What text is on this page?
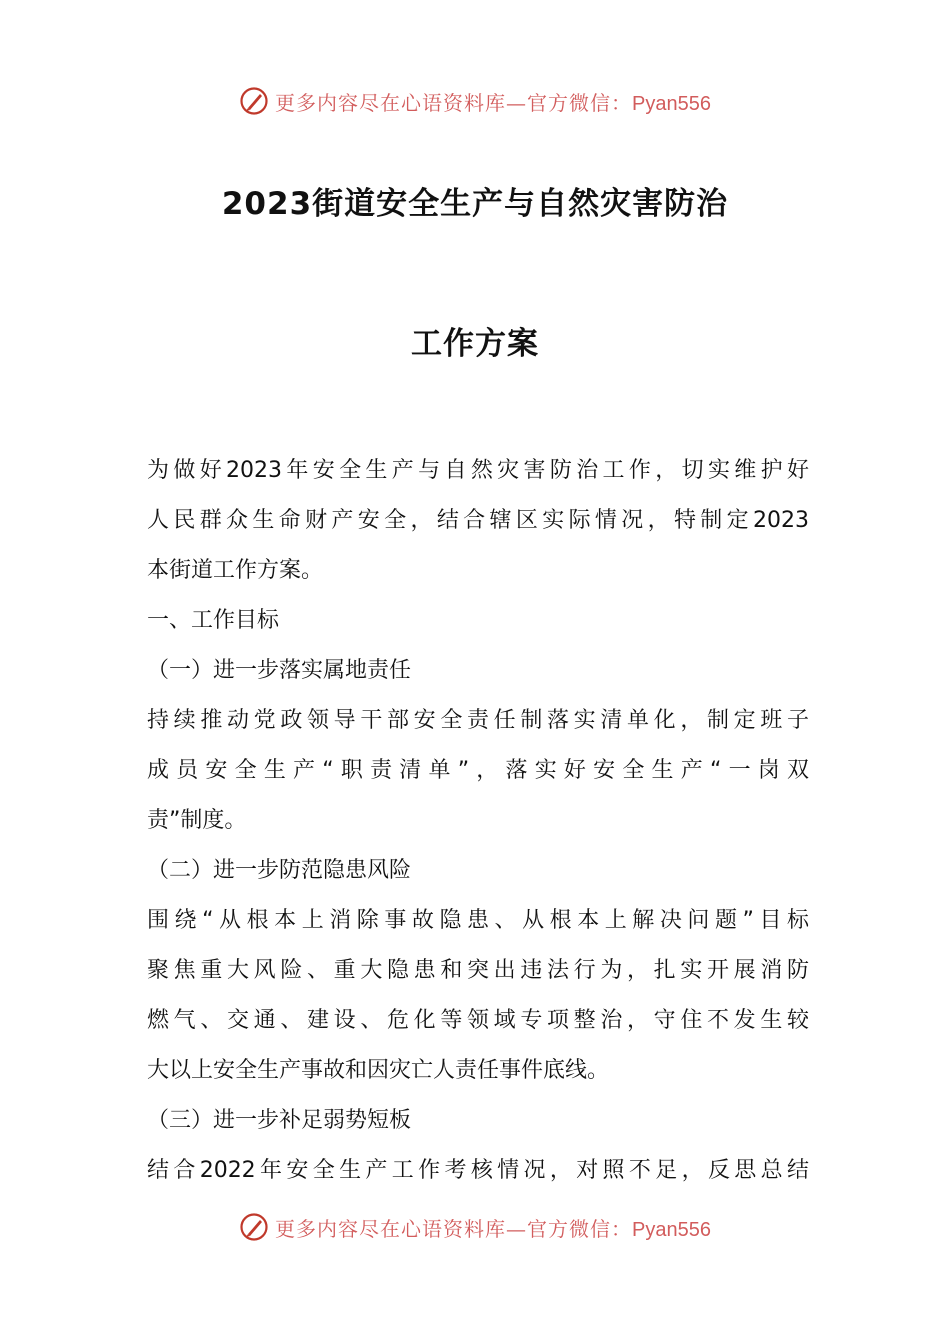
更多内容尽在心语资料库—官方微信：Pyan556
2023街道安全生产与自然灾害防治
工作方案

为做好2023年安全生产与自然灾害防治工作，切实维护好

人民群众生命财产安全，结合辖区实际情况，特制定2023

本街道工作方案。

一、工作目标

（一）进一步落实属地责任

持续推动党政领导干部安全责任制落实清单化，制定班子

成员安全生产“职责清单”，落实好安全生产“一岗双

责”制度。

（二）进一步防范隐患风险

围绕“从根本上消除事故隐患、从根本上解决问题”目标

聚焦重大风险、重大隐患和突出违法行为，扎实开展消防

燃气、交通、建设、危化等领域专项整治，守住不发生较

大以上安全生产事故和因灾亡人责任事件底线。

（三）进一步补足弱势短板

结合2022年安全生产工作考核情况，对照不足，反思总结

更多内容尽在心语资料库—官方微信：Pyan556
